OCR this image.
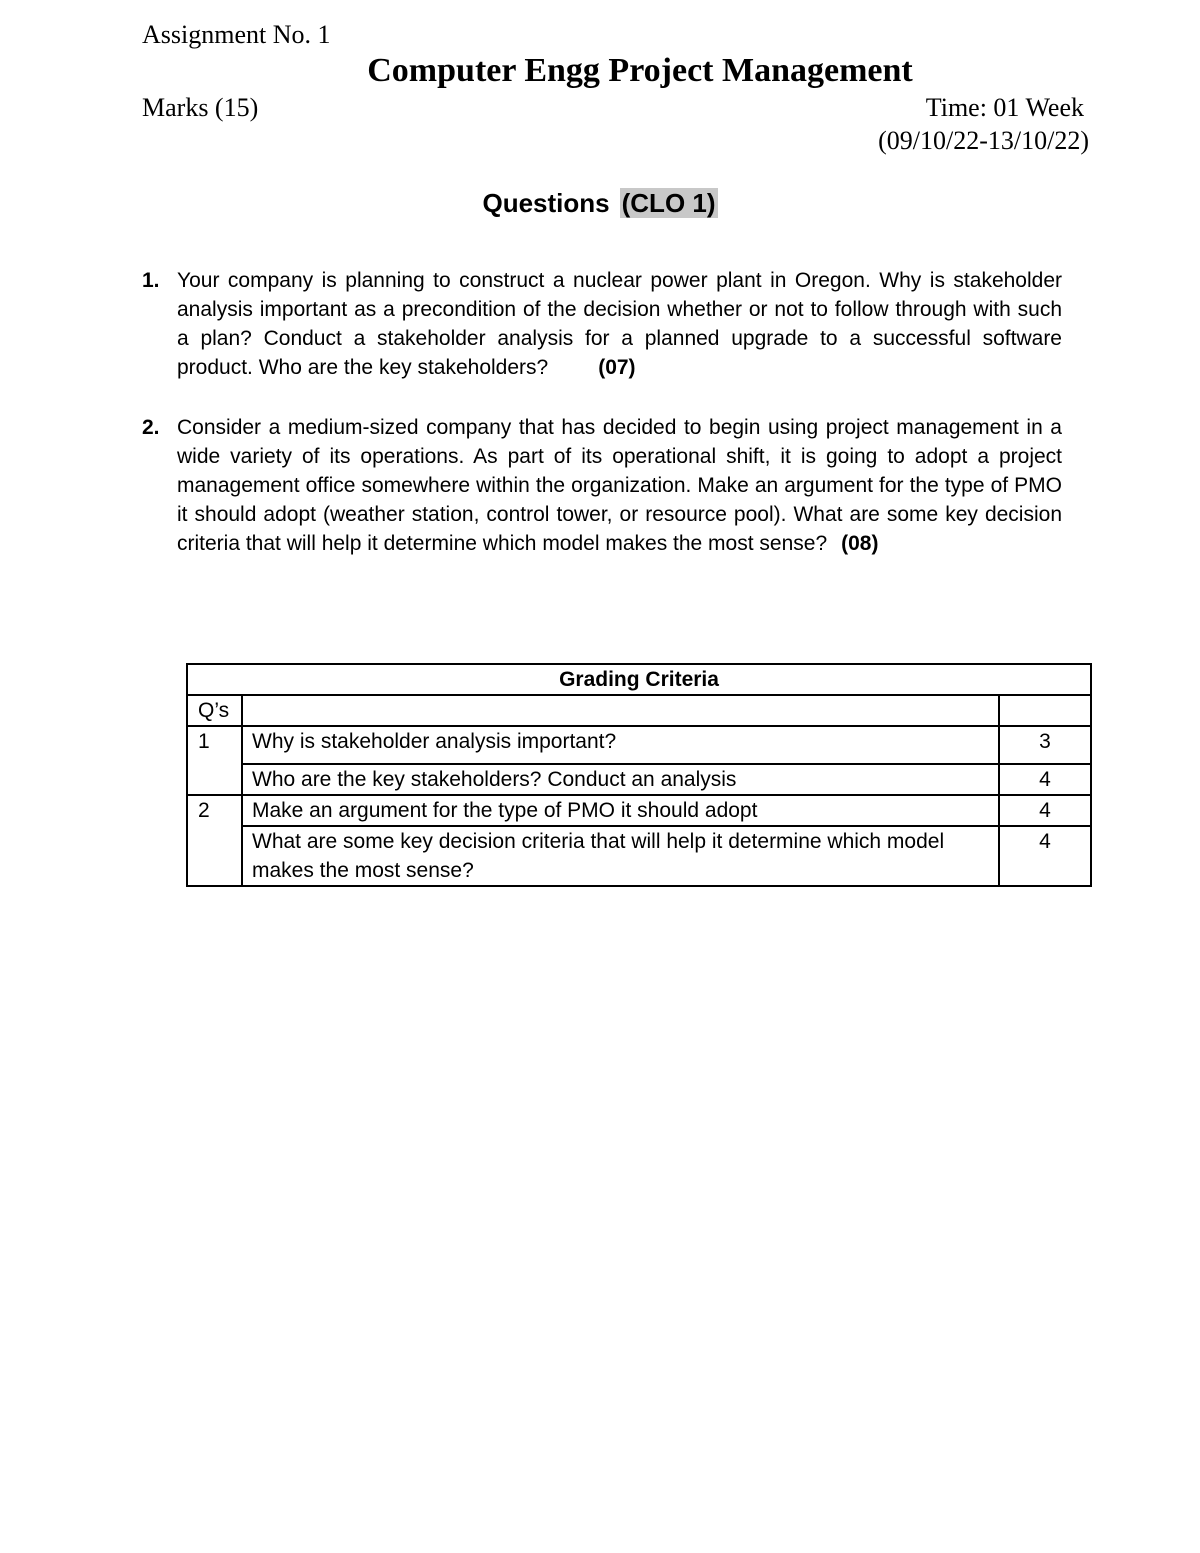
Assignment No. 1
Computer Engg Project Management
Marks (15)	Time: 01 Week
(09/10/22-13/10/22)
Questions (CLO 1)
1. Your company is planning to construct a nuclear power plant in Oregon. Why is stakeholder analysis important as a precondition of the decision whether or not to follow through with such a plan? Conduct a stakeholder analysis for a planned upgrade to a successful software product. Who are the key stakeholders? (07)
2. Consider a medium-sized company that has decided to begin using project management in a wide variety of its operations. As part of its operational shift, it is going to adopt a project management office somewhere within the organization. Make an argument for the type of PMO it should adopt (weather station, control tower, or resource pool). What are some key decision criteria that will help it determine which model makes the most sense? (08)
Grading Criteria		
Q’s		
1	Why is stakeholder analysis important?	3
	Who are the key stakeholders? Conduct an analysis	4
2	Make an argument for the type of PMO it should adopt	4
	What are some key decision criteria that will help it determine which model makes the most sense?	4
